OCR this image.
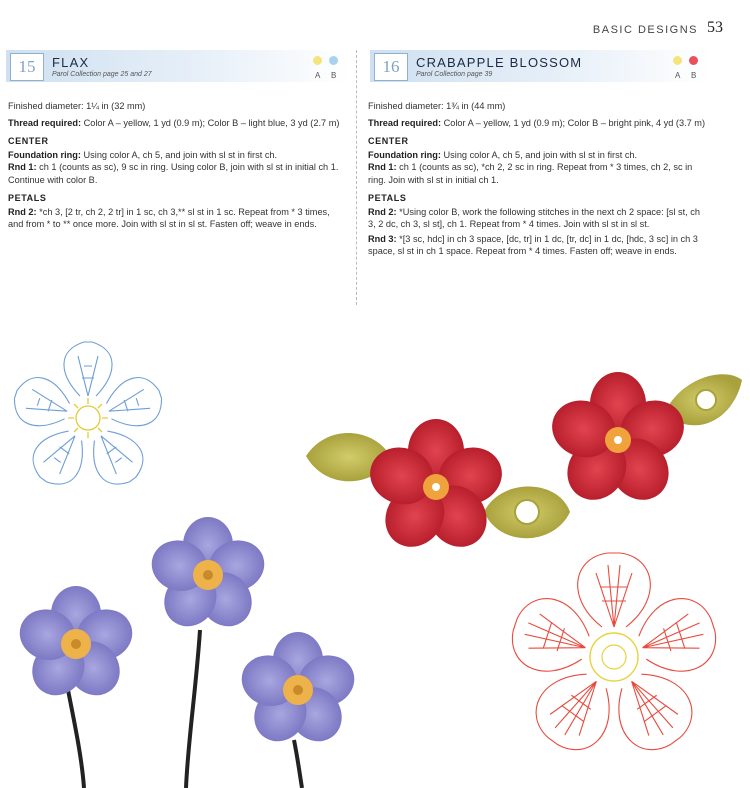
BASIC DESIGNS 53
15	FLAX
Parol Collection page 25 and 27	A B	16	CRABAPPLE BLOSSOM
Parol Collection page 39	A B

Finished diameter: 1¼ in (32 mm)

Thread required: Color A – yellow, 1 yd (0.9 m); Color B – light blue, 3 yd (2.7 m)

CENTER

Foundation ring: Using color A, ch 5, and join with sl st in first ch.

Rnd 1: ch 1 (counts as sc), 9 sc in ring. Using color B, join with sl st in initial ch 1. Continue with color B.

PETALS

Rnd 2: *ch 3, [2 tr, ch 2, 2 tr] in 1 sc, ch 3,** sl st in 1 sc. Repeat from * 3 times, and from * to ** once more. Join with sl st in sl st. Fasten off; weave in ends.

Finished diameter: 1¾ in (44 mm)

Thread required: Color A – yellow, 1 yd (0.9 m); Color B – bright pink, 4 yd (3.7 m)

CENTER

Foundation ring: Using color A, ch 5, and join with sl st in first ch.

Rnd 1: ch 1 (counts as sc), *ch 2, 2 sc in ring. Repeat from * 3 times, ch 2, sc in ring. Join with sl st in initial ch 1.

PETALS

Rnd 2: *Using color B, work the following stitches in the next ch 2 space: [sl st, ch 3, 2 dc, ch 3, sl st], ch 1. Repeat from * 4 times. Join with sl st in sl st.

Rnd 3: *[3 sc, hdc] in ch 3 space, [dc, tr] in 1 dc, [tr, dc] in 1 dc, [hdc, 3 sc] in ch 3 space, sl st in ch 1 space. Repeat from * 4 times. Fasten off; weave in ends.
